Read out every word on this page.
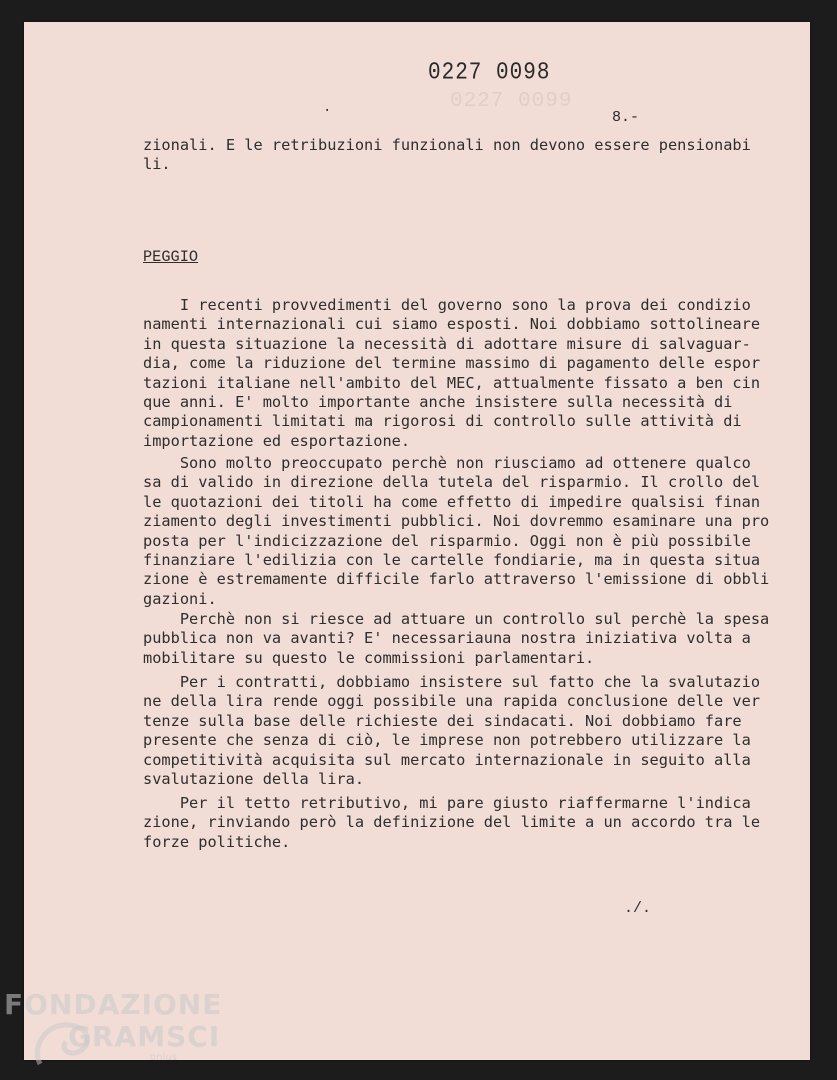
0227 0099
0227 0098
.
8.-
zionali. E le retribuzioni funzionali non devono essere pensionabi
li.
PEGGIO
I recenti provvedimenti del governo sono la prova dei condizio
namenti internazionali cui siamo esposti. Noi dobbiamo sottolineare
in questa situazione la necessità di adottare misure di salvaguar-
dia, come la riduzione del termine massimo di pagamento delle espor
tazioni italiane nell'ambito del MEC, attualmente fissato a ben cin
que anni. E' molto importante anche insistere sulla necessità di
campionamenti limitati ma rigorosi di controllo sulle attività di
importazione ed esportazione.
Sono molto preoccupato perchè non riusciamo ad ottenere qualco
sa di valido in direzione della tutela del risparmio. Il crollo del
le quotazioni dei titoli ha come effetto di impedire qualsisi finan
ziamento degli investimenti pubblici. Noi dovremmo esaminare una pro
posta per l'indicizzazione del risparmio. Oggi non è più possibile
finanziare l'edilizia con le cartelle fondiarie, ma in questa situa
zione è estremamente difficile farlo attraverso l'emissione di obbli
gazioni.
Perchè non si riesce ad attuare un controllo sul perchè la spesa
pubblica non va avanti? E' necessariauna nostra iniziativa volta a
mobilitare su questo le commissioni parlamentari.
Per i contratti, dobbiamo insistere sul fatto che la svalutazio
ne della lira rende oggi possibile una rapida conclusione delle ver
tenze sulla base delle richieste dei sindacati. Noi dobbiamo fare
presente che senza di ciò, le imprese non potrebbero utilizzare la
competitività acquisita sul mercato internazionale in seguito alla
svalutazione della lira.
Per il tetto retributivo, mi pare giusto riaffermarne l'indica
zione, rinviando però la definizione del limite a un accordo tra le
forze politiche.
./.
FONDAZIONE
GRAMSCI
onlus
